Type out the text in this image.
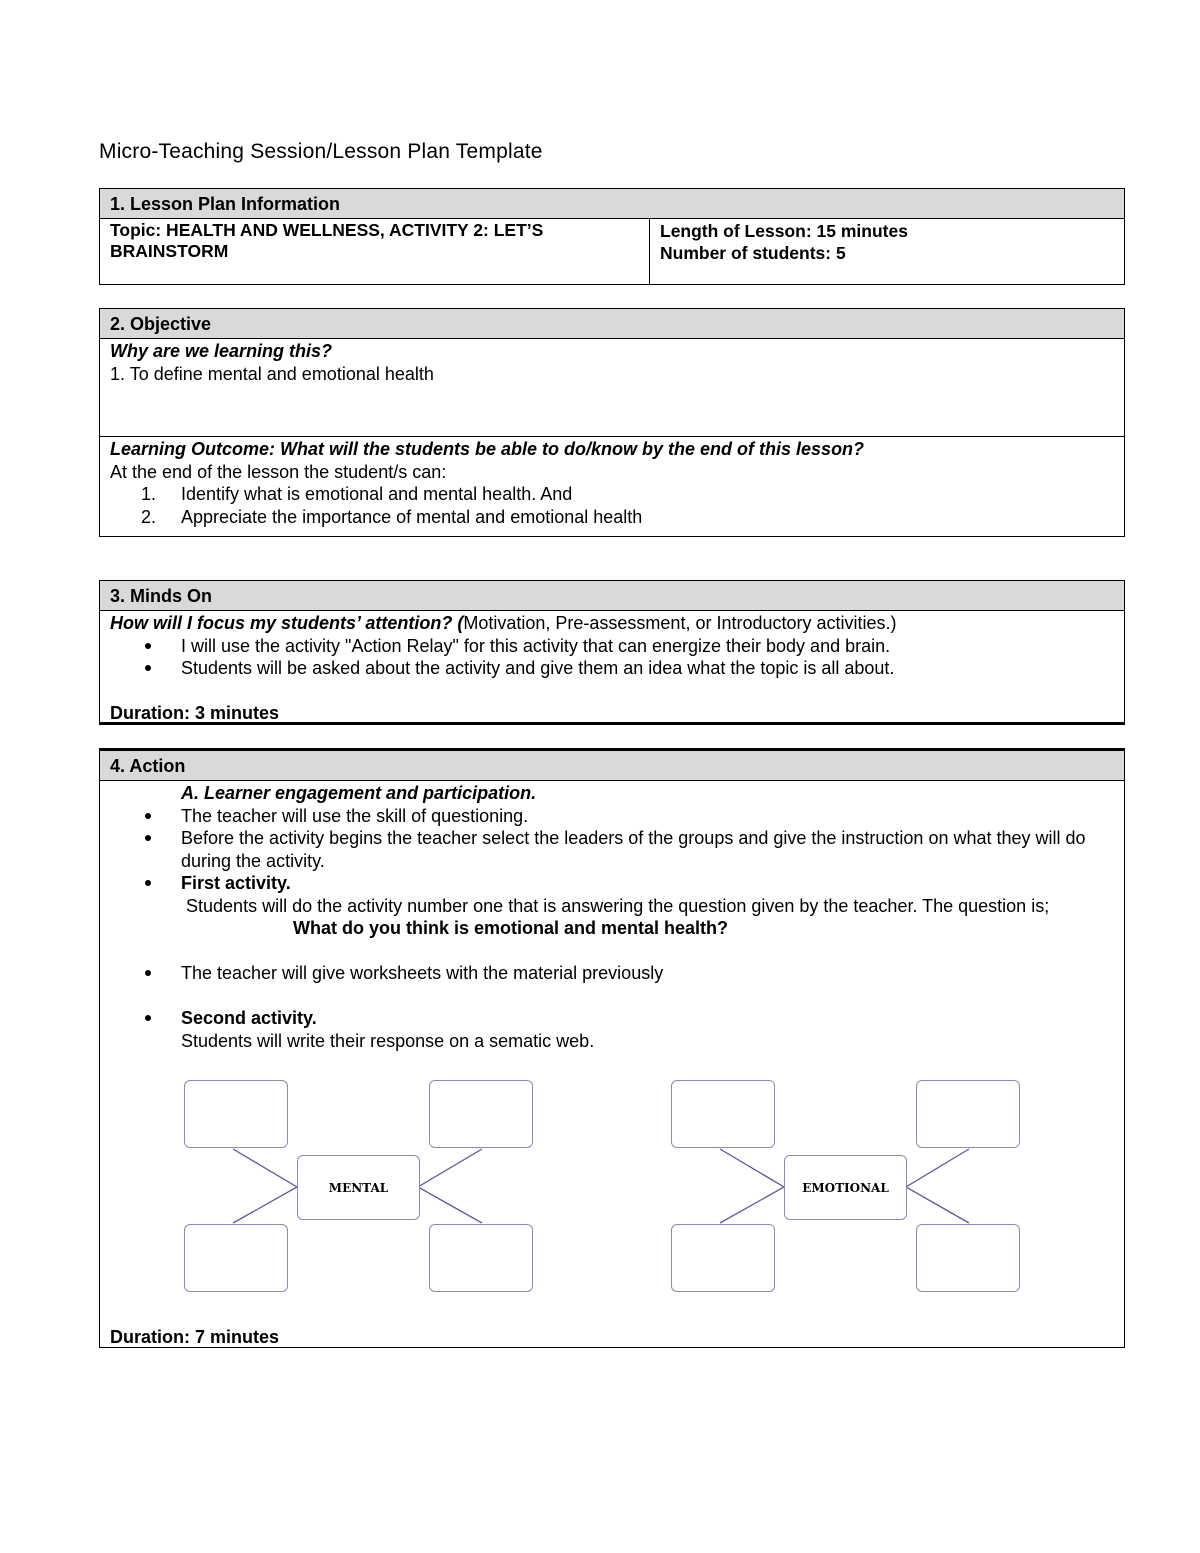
Micro-Teaching Session/Lesson Plan Template
1. Lesson Plan Information
Topic: HEALTH AND WELLNESS, ACTIVITY 2: LET’S BRAINSTORM
Length of Lesson: 15 minutes
Number of students: 5
2. Objective
Why are we learning this?
1. To define mental and emotional health
Learning Outcome: What will the students be able to do/know by the end of this lesson?
At the end of the lesson the student/s can:
1.	Identify what is emotional and mental health. And
2.	Appreciate the importance of mental and emotional health
3. Minds On
How will I focus my students’ attention? (Motivation, Pre-assessment, or Introductory activities.)
I will use the activity "Action Relay" for this activity that can energize their body and brain.
Students will be asked about the activity and give them an idea what the topic is all about.
Duration: 3 minutes
4. Action
A. Learner engagement and participation.
The teacher will use the skill of questioning.
Before the activity begins the teacher select the leaders of the groups and give the instruction on what they will do during the activity.
First activity.
Students will do the activity number one that is answering the question given by the teacher. The question is;
What do you think is emotional and mental health?
The teacher will give worksheets with the material previously
Second activity.
Students will write their response on a sematic web.
Duration: 7 minutes
MENTAL	EMOTIONAL
